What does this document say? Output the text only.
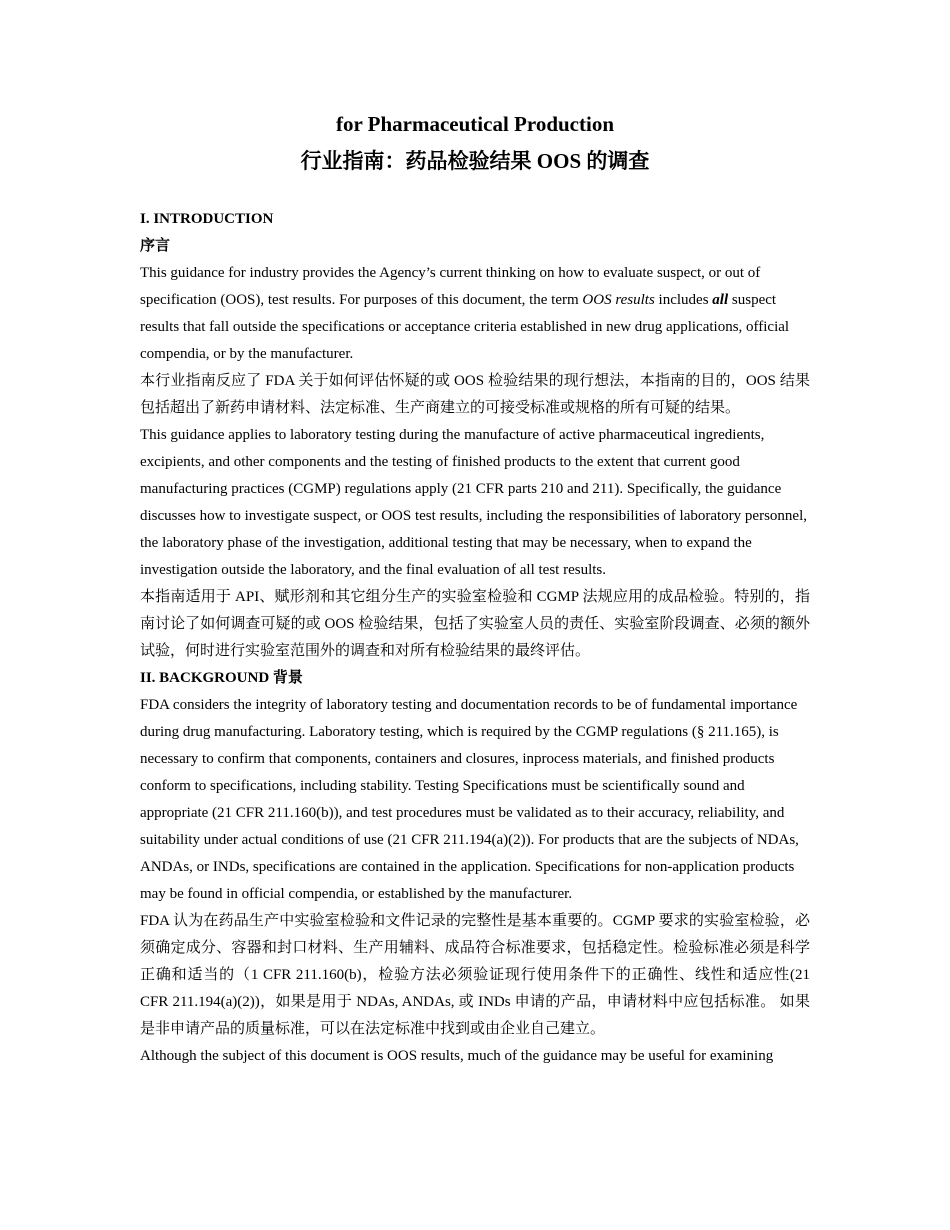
for Pharmaceutical Production
行业指南：药品检验结果 OOS 的调查

I. INTRODUCTION

序言

This guidance for industry provides the Agency’s current thinking on how to evaluate suspect, or out of specification (OOS), test results. For purposes of this document, the term OOS results includes all suspect results that fall outside the specifications or acceptance criteria established in new drug applications, official compendia, or by the manufacturer.

本行业指南反应了 FDA 关于如何评估怀疑的或 OOS 检验结果的现行想法，本指南的目的，OOS 结果包括超出了新药申请材料、法定标准、生产商建立的可接受标准或规格的所有可疑的结果。

This guidance applies to laboratory testing during the manufacture of active pharmaceutical ingredients, excipients, and other components and the testing of finished products to the extent that current good manufacturing practices (CGMP) regulations apply (21 CFR parts 210 and 211). Specifically, the guidance discusses how to investigate suspect, or OOS test results, including the responsibilities of laboratory personnel, the laboratory phase of the investigation, additional testing that may be necessary, when to expand the investigation outside the laboratory, and the final evaluation of all test results.

本指南适用于 API、赋形剂和其它组分生产的实验室检验和 CGMP 法规应用的成品检验。特别的，指南讨论了如何调查可疑的或 OOS 检验结果，包括了实验室人员的责任、实验室阶段调查、必须的额外试验，何时进行实验室范围外的调查和对所有检验结果的最终评估。

II. BACKGROUND 背景

FDA considers the integrity of laboratory testing and documentation records to be of fundamental importance during drug manufacturing. Laboratory testing, which is required by the CGMP regulations (§ 211.165), is necessary to confirm that components, containers and closures, inprocess materials, and finished products conform to specifications, including stability. Testing Specifications must be scientifically sound and appropriate (21 CFR 211.160(b)), and test procedures must be validated as to their accuracy, reliability, and suitability under actual conditions of use (21 CFR 211.194(a)(2)). For products that are the subjects of NDAs, ANDAs, or INDs, specifications are contained in the application. Specifications for non-application products may be found in official compendia, or established by the manufacturer.

FDA 认为在药品生产中实验室检验和文件记录的完整性是基本重要的。CGMP 要求的实验室检验，必须确定成分、容器和封口材料、生产用辅料、成品符合标准要求，包括稳定性。检验标准必须是科学正确和适当的（1 CFR 211.160(b)，检验方法必须验证现行使用条件下的正确性、线性和适应性(21 CFR 211.194(a)(2))，如果是用于 NDAs, ANDAs, 或 INDs 申请的产品，申请材料中应包括标准。 如果是非申请产品的质量标准，可以在法定标准中找到或由企业自己建立。

Although the subject of this document is OOS results, much of the guidance may be useful for examining
